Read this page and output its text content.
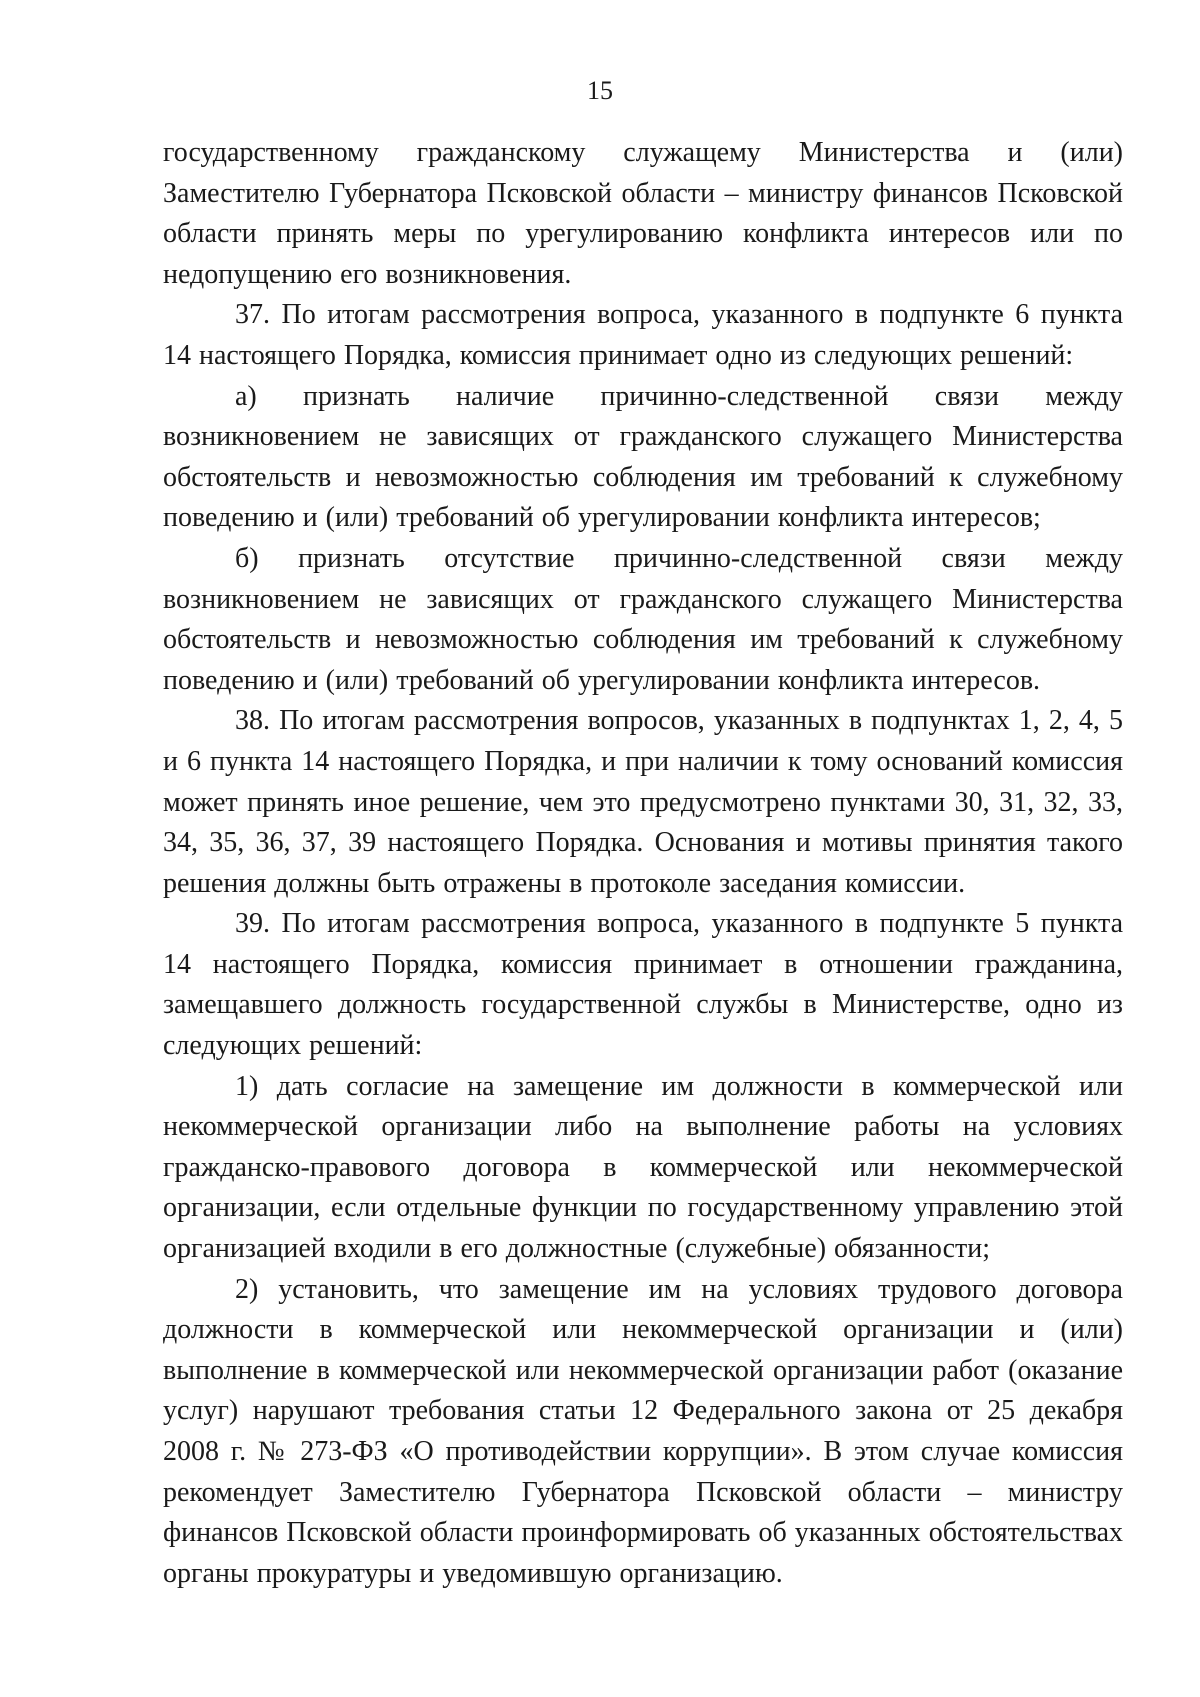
15

государственному гражданскому служащему Министерства и (или) Заместителю Губернатора Псковской области – министру финансов Псковской области принять меры по урегулированию конфликта интересов или по недопущению его возникновения.

37. По итогам рассмотрения вопроса, указанного в подпункте 6 пункта 14 настоящего Порядка, комиссия принимает одно из следующих решений:

а) признать наличие причинно-следственной связи между возникновением не зависящих от гражданского служащего Министерства обстоятельств и невозможностью соблюдения им требований к служебному поведению и (или) требований об урегулировании конфликта интересов;

б) признать отсутствие причинно-следственной связи между возникновением не зависящих от гражданского служащего Министерства обстоятельств и невозможностью соблюдения им требований к служебному поведению и (или) требований об урегулировании конфликта интересов.

38. По итогам рассмотрения вопросов, указанных в подпунктах 1, 2, 4, 5 и 6 пункта 14 настоящего Порядка, и при наличии к тому оснований комиссия может принять иное решение, чем это предусмотрено пунктами 30, 31, 32, 33, 34, 35, 36, 37, 39 настоящего Порядка. Основания и мотивы принятия такого решения должны быть отражены в протоколе заседания комиссии.

39. По итогам рассмотрения вопроса, указанного в подпункте 5 пункта 14 настоящего Порядка, комиссия принимает в отношении гражданина, замещавшего должность государственной службы в Министерстве, одно из следующих решений:

1) дать согласие на замещение им должности в коммерческой или некоммерческой организации либо на выполнение работы на условиях гражданско-правового договора в коммерческой или некоммерческой организации, если отдельные функции по государственному управлению этой организацией входили в его должностные (служебные) обязанности;

2) установить, что замещение им на условиях трудового договора должности в коммерческой или некоммерческой организации и (или) выполнение в коммерческой или некоммерческой организации работ (оказание услуг) нарушают требования статьи 12 Федерального закона от 25 декабря 2008 г. № 273-ФЗ «О противодействии коррупции». В этом случае комиссия рекомендует Заместителю Губернатора Псковской области – министру финансов Псковской области проинформировать об указанных обстоятельствах органы прокуратуры и уведомившую организацию.
